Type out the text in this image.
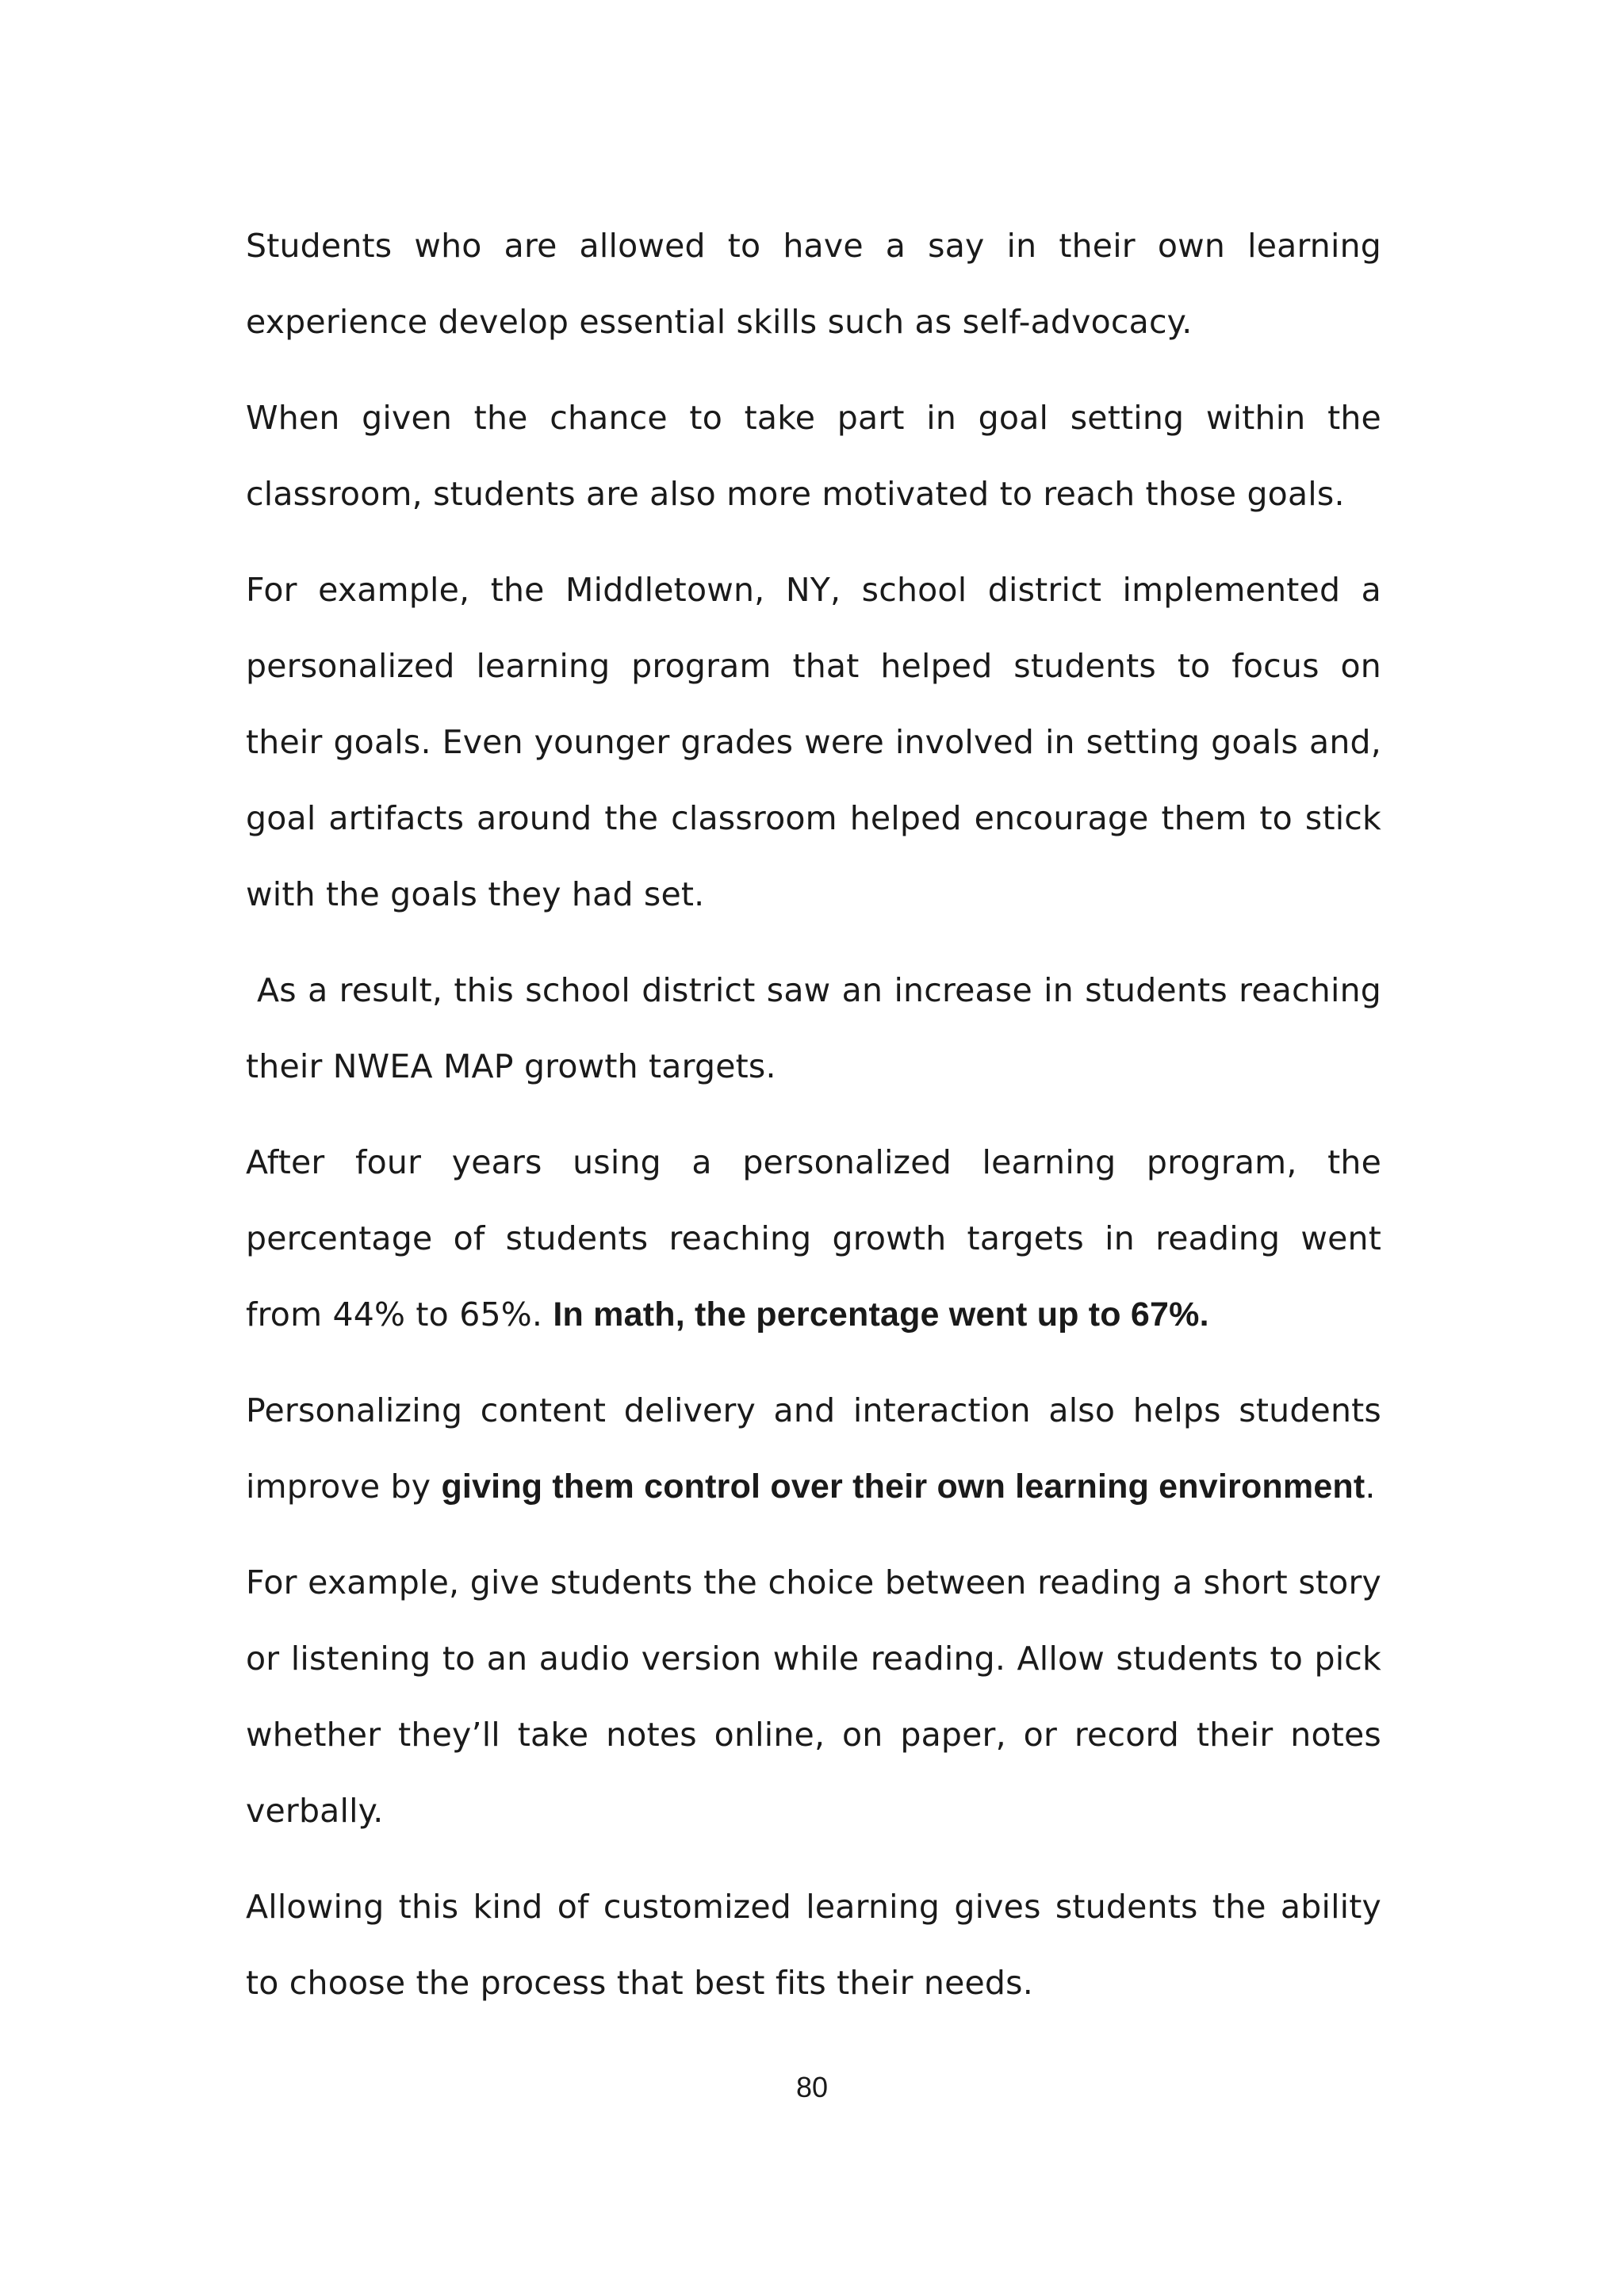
Students who are allowed to have a say in their own learning experience develop essential skills such as self-advocacy.

When given the chance to take part in goal setting within the classroom, students are also more motivated to reach those goals.

For example, the Middletown, NY, school district implemented a personalized learning program that helped students to focus on their goals. Even younger grades were involved in setting goals and, goal artifacts around the classroom helped encourage them to stick with the goals they had set.

As a result, this school district saw an increase in students reaching their NWEA MAP growth targets.

After four years using a personalized learning program, the percentage of students reaching growth targets in reading went from 44% to 65%. In math, the percentage went up to 67%.

Personalizing content delivery and interaction also helps students improve by giving them control over their own learning environment.

For example, give students the choice between reading a short story or listening to an audio version while reading. Allow students to pick whether they’ll take notes online, on paper, or record their notes verbally.

Allowing this kind of customized learning gives students the ability to choose the process that best fits their needs.

80
